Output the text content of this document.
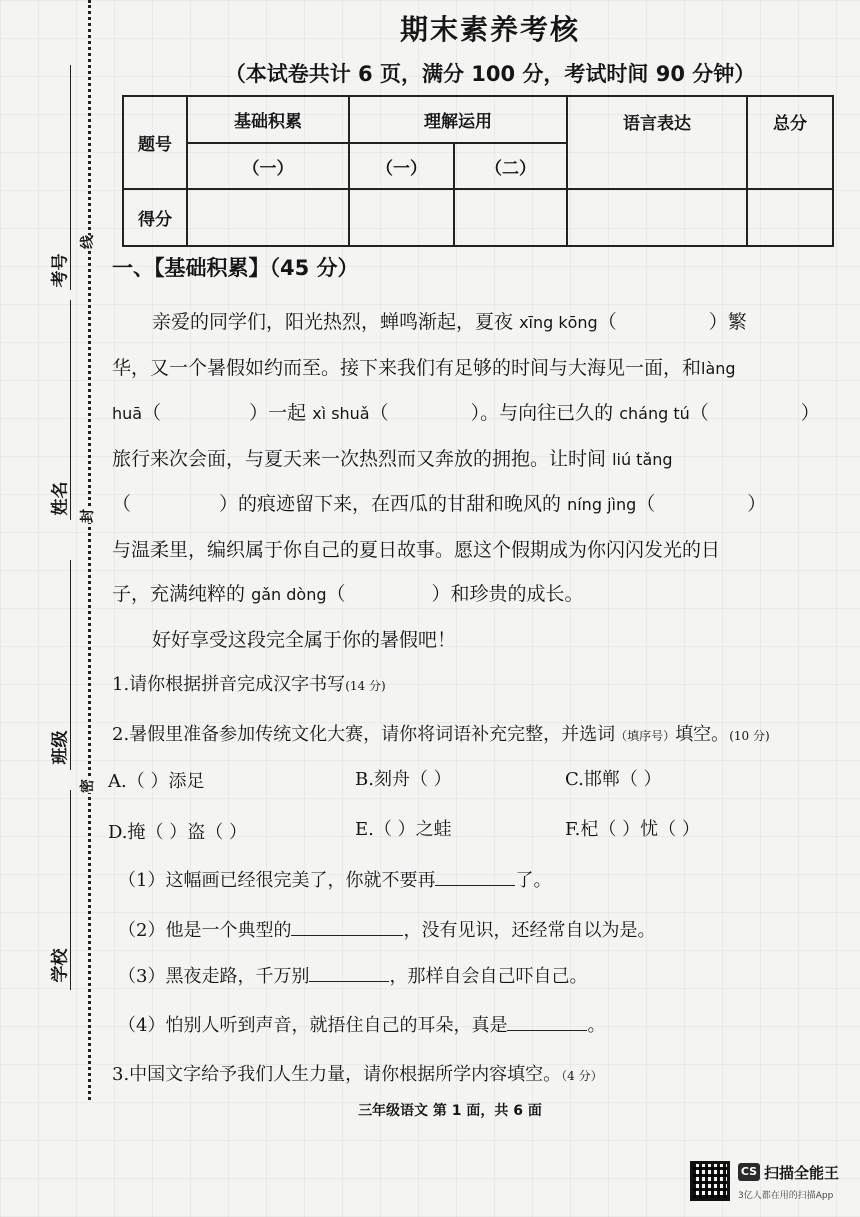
考号
姓名
班级
学校
线
封
密
期末素养考核
（本试卷共计 6 页，满分 100 分，考试时间 90 分钟）
题号	基础积累	理解运用		语言表达	总分
	（一）	（一）	（二）		
得分					
一、【基础积累】（45 分）
亲爱的同学们，阳光热烈，蝉鸣渐起，夏夜 xīng kōng（	）繁
华，又一个暑假如约而至。接下来我们有足够的时间与大海见一面，和làng
huā（	）一起 xì shuǎ（	）。与向往已久的 cháng tú（	）
旅行来次会面，与夏天来一次热烈而又奔放的拥抱。让时间 liú tǎng
（	）的痕迹留下来，在西瓜的甘甜和晚风的 níng jìng（	）
与温柔里，编织属于你自己的夏日故事。愿这个假期成为你闪闪发光的日
子，充满纯粹的 gǎn dòng（	）和珍贵的成长。
好好享受这段完全属于你的暑假吧！
1.请你根据拼音完成汉字书写(14 分)
2.暑假里准备参加传统文化大赛，请你将词语补充完整，并选词（填序号）填空。(10 分)
A.（ ）添足	B.刻舟（ ）	C.邯郸（ ）
D.掩（ ）盗（ ）	E.（ ）之蛙	F.杞（ ）忧（ ）
（1）这幅画已经很完美了，你就不要再	了。
（2）他是一个典型的	，没有见识，还经常自以为是。
（3）黑夜走路，千万别	，那样自会自己吓自己。
（4）怕别人听到声音，就捂住自己的耳朵，真是	。
3.中国文字给予我们人生力量，请你根据所学内容填空。（4 分）
三年级语文 第 1 面，共 6 面
CS 扫描全能王
3亿人都在用的扫描App
